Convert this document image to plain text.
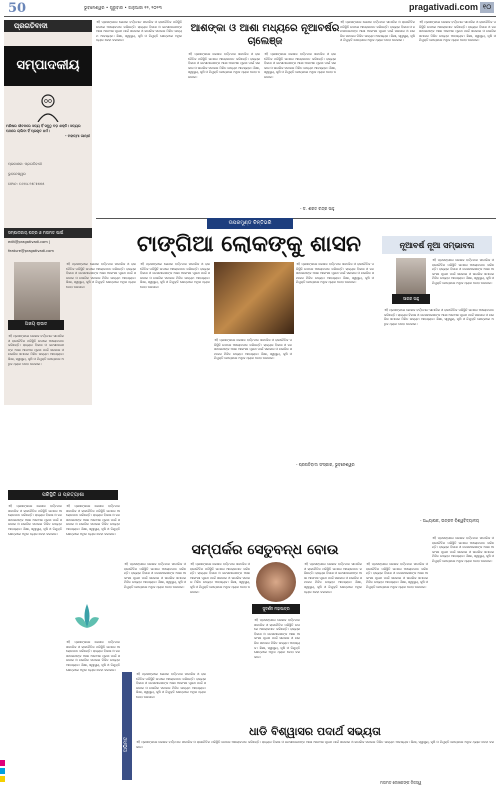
50	ଭୁବନେଶ୍ୱର • ଗୁରୁବାର • ଜାନୁଆରୀ ୧୨, ୨୦୨୩	pragativadi.com ୧୦
ପ୍ରଗତିବାଦୀ
ସମ୍ପାଦକୀୟ
ମଣିଷର ଜୀବନରେ ସତ୍ୟ ହିଁ ସବୁଠୁ ବଡ଼ ଶକ୍ତି। ସତ୍ୟର ପଥରେ ଚାଲିବା ହିଁ ପ୍ରକୃତ ଧର୍ମ।
- ମହାତ୍ମା ଗାନ୍ଧୀ
ପ୍ରକାଶକ: ପ୍ରଗତିବାଦୀ
ଭୁବନେଶ୍ୱର
ଫୋନ: ୦୬୭୪-୨୫୮୫୫୫୫
ସମ୍ପାଦକୀୟ ପତ୍ର ଓ ମତାମତ ପାଇଁ
edit@pragativadi.com | feature@pragativadi.com
ଏହି ପ୍ରସଙ୍ଗରେ ଲେଖକ ବର୍ତ୍ତମାନ ସାମାଜିକ ଓ ରାଜନୈତିକ ପରିସ୍ଥିତି ଉପରେ ଆଲୋକପାତ କରିଛନ୍ତି। ରାଜ୍ୟର ବିକାଶ ଓ ଜନସାଧାରଣଙ୍କ ଆଶା ଆକାଂକ୍ଷା ପୂରଣ ପାଇଁ ସରକାର ଓ ନାଗରିକ ସମାଜର ମିଳିତ ଉଦ୍ୟମ ଆବଶ୍ୟକ। ଶିକ୍ଷା, ସ୍ୱାସ୍ଥ୍ୟ, କୃଷି ଓ ନିଯୁକ୍ତି କ୍ଷେତ୍ରରେ ଅଧିକ ଧ୍ୟାନ ଦେବା ଦରକାର।
ଆଶଙ୍କା ଓ ଆଶା ମଧ୍ୟରେ ନୂଆବର୍ଷର ଚାଲେଞ୍ଜ
ଏହି ପ୍ରସଙ୍ଗରେ ଲେଖକ ବର୍ତ୍ତମାନ ସାମାଜିକ ଓ ରାଜନୈତିକ ପରିସ୍ଥିତି ଉପରେ ଆଲୋକପାତ କରିଛନ୍ତି। ରାଜ୍ୟର ବିକାଶ ଓ ଜନସାଧାରଣଙ୍କ ଆଶା ଆକାଂକ୍ଷା ପୂରଣ ପାଇଁ ସରକାର ଓ ନାଗରିକ ସମାଜର ମିଳିତ ଉଦ୍ୟମ ଆବଶ୍ୟକ। ଶିକ୍ଷା, ସ୍ୱାସ୍ଥ୍ୟ, କୃଷି ଓ ନିଯୁକ୍ତି କ୍ଷେତ୍ରରେ ଅଧିକ ଧ୍ୟାନ ଦେବା ଦରକାର।
ଏହି ପ୍ରସଙ୍ଗରେ ଲେଖକ ବର୍ତ୍ତମାନ ସାମାଜିକ ଓ ରାଜନୈତିକ ପରିସ୍ଥିତି ଉପରେ ଆଲୋକପାତ କରିଛନ୍ତି। ରାଜ୍ୟର ବିକାଶ ଓ ଜନସାଧାରଣଙ୍କ ଆଶା ଆକାଂକ୍ଷା ପୂରଣ ପାଇଁ ସରକାର ଓ ନାଗରିକ ସମାଜର ମିଳିତ ଉଦ୍ୟମ ଆବଶ୍ୟକ। ଶିକ୍ଷା, ସ୍ୱାସ୍ଥ୍ୟ, କୃଷି ଓ ନିଯୁକ୍ତି କ୍ଷେତ୍ରରେ ଅଧିକ ଧ୍ୟାନ ଦେବା ଦରକାର।
ଏହି ପ୍ରସଙ୍ଗରେ ଲେଖକ ବର୍ତ୍ତମାନ ସାମାଜିକ ଓ ରାଜନୈତିକ ପରିସ୍ଥିତି ଉପରେ ଆଲୋକପାତ କରିଛନ୍ତି। ରାଜ୍ୟର ବିକାଶ ଓ ଜନସାଧାରଣଙ୍କ ଆଶା ଆକାଂକ୍ଷା ପୂରଣ ପାଇଁ ସରକାର ଓ ନାଗରିକ ସମାଜର ମିଳିତ ଉଦ୍ୟମ ଆବଶ୍ୟକ। ଶିକ୍ଷା, ସ୍ୱାସ୍ଥ୍ୟ, କୃଷି ଓ ନିଯୁକ୍ତି କ୍ଷେତ୍ରରେ ଅଧିକ ଧ୍ୟାନ ଦେବା ଦରକାର।
ଏହି ପ୍ରସଙ୍ଗରେ ଲେଖକ ବର୍ତ୍ତମାନ ସାମାଜିକ ଓ ରାଜନୈତିକ ପରିସ୍ଥିତି ଉପରେ ଆଲୋକପାତ କରିଛନ୍ତି। ରାଜ୍ୟର ବିକାଶ ଓ ଜନସାଧାରଣଙ୍କ ଆଶା ଆକାଂକ୍ଷା ପୂରଣ ପାଇଁ ସରକାର ଓ ନାଗରିକ ସମାଜର ମିଳିତ ଉଦ୍ୟମ ଆବଶ୍ୟକ। ଶିକ୍ଷା, ସ୍ୱାସ୍ଥ୍ୟ, କୃଷି ଓ ନିଯୁକ୍ତି କ୍ଷେତ୍ରରେ ଅଧିକ ଧ୍ୟାନ ଦେବା ଦରକାର।
- ଡ. ଶରତ ଚନ୍ଦ୍ର ସାହୁ
ଉପରମୁଣ୍ଡ ଚିନ୍ତିଭରି
ଟାଙ୍ଗିଆ ଲୋକଙ୍କୁ ଶାସନ
ଅଜୟ ରାଉତ
ଏହି ପ୍ରସଙ୍ଗରେ ଲେଖକ ବର୍ତ୍ତମାନ ସାମାଜିକ ଓ ରାଜନୈତିକ ପରିସ୍ଥିତି ଉପରେ ଆଲୋକପାତ କରିଛନ୍ତି। ରାଜ୍ୟର ବିକାଶ ଓ ଜନସାଧାରଣଙ୍କ ଆଶା ଆକାଂକ୍ଷା ପୂରଣ ପାଇଁ ସରକାର ଓ ନାଗରିକ ସମାଜର ମିଳିତ ଉଦ୍ୟମ ଆବଶ୍ୟକ। ଶିକ୍ଷା, ସ୍ୱାସ୍ଥ୍ୟ, କୃଷି ଓ ନିଯୁକ୍ତି କ୍ଷେତ୍ରରେ ଅଧିକ ଧ୍ୟାନ ଦେବା ଦରକାର।
ଏହି ପ୍ରସଙ୍ଗରେ ଲେଖକ ବର୍ତ୍ତମାନ ସାମାଜିକ ଓ ରାଜନୈତିକ ପରିସ୍ଥିତି ଉପରେ ଆଲୋକପାତ କରିଛନ୍ତି। ରାଜ୍ୟର ବିକାଶ ଓ ଜନସାଧାରଣଙ୍କ ଆଶା ଆକାଂକ୍ଷା ପୂରଣ ପାଇଁ ସରକାର ଓ ନାଗରିକ ସମାଜର ମିଳିତ ଉଦ୍ୟମ ଆବଶ୍ୟକ। ଶିକ୍ଷା, ସ୍ୱାସ୍ଥ୍ୟ, କୃଷି ଓ ନିଯୁକ୍ତି କ୍ଷେତ୍ରରେ ଅଧିକ ଧ୍ୟାନ ଦେବା ଦରକାର।
ଏହି ପ୍ରସଙ୍ଗରେ ଲେଖକ ବର୍ତ୍ତମାନ ସାମାଜିକ ଓ ରାଜନୈତିକ ପରିସ୍ଥିତି ଉପରେ ଆଲୋକପାତ କରିଛନ୍ତି। ରାଜ୍ୟର ବିକାଶ ଓ ଜନସାଧାରଣଙ୍କ ଆଶା ଆକାଂକ୍ଷା ପୂରଣ ପାଇଁ ସରକାର ଓ ନାଗରିକ ସମାଜର ମିଳିତ ଉଦ୍ୟମ ଆବଶ୍ୟକ। ଶିକ୍ଷା, ସ୍ୱାସ୍ଥ୍ୟ, କୃଷି ଓ ନିଯୁକ୍ତି କ୍ଷେତ୍ରରେ ଅଧିକ ଧ୍ୟାନ ଦେବା ଦରକାର।
ଏହି ପ୍ରସଙ୍ଗରେ ଲେଖକ ବର୍ତ୍ତମାନ ସାମାଜିକ ଓ ରାଜନୈତିକ ପରିସ୍ଥିତି ଉପରେ ଆଲୋକପାତ କରିଛନ୍ତି। ରାଜ୍ୟର ବିକାଶ ଓ ଜନସାଧାରଣଙ୍କ ଆଶା ଆକାଂକ୍ଷା ପୂରଣ ପାଇଁ ସରକାର ଓ ନାଗରିକ ସମାଜର ମିଳିତ ଉଦ୍ୟମ ଆବଶ୍ୟକ। ଶିକ୍ଷା, ସ୍ୱାସ୍ଥ୍ୟ, କୃଷି ଓ ନିଯୁକ୍ତି କ୍ଷେତ୍ରରେ ଅଧିକ ଧ୍ୟାନ ଦେବା ଦରକାର।
ଏହି ପ୍ରସଙ୍ଗରେ ଲେଖକ ବର୍ତ୍ତମାନ ସାମାଜିକ ଓ ରାଜନୈତିକ ପରିସ୍ଥିତି ଉପରେ ଆଲୋକପାତ କରିଛନ୍ତି। ରାଜ୍ୟର ବିକାଶ ଓ ଜନସାଧାରଣଙ୍କ ଆଶା ଆକାଂକ୍ଷା ପୂରଣ ପାଇଁ ସରକାର ଓ ନାଗରିକ ସମାଜର ମିଳିତ ଉଦ୍ୟମ ଆବଶ୍ୟକ। ଶିକ୍ଷା, ସ୍ୱାସ୍ଥ୍ୟ, କୃଷି ଓ ନିଯୁକ୍ତି କ୍ଷେତ୍ରରେ ଅଧିକ ଧ୍ୟାନ ଦେବା ଦରକାର।
- ପ୍ରଗତିବାଦୀ ସଂସ୍କାର, ଭୁବନେଶ୍ୱର
ନୂଆବର୍ଷ ନୂଆ ସମ୍ଭାବନା
ସାଗର ସାହୁ
ଏହି ପ୍ରସଙ୍ଗରେ ଲେଖକ ବର୍ତ୍ତମାନ ସାମାଜିକ ଓ ରାଜନୈତିକ ପରିସ୍ଥିତି ଉପରେ ଆଲୋକପାତ କରିଛନ୍ତି। ରାଜ୍ୟର ବିକାଶ ଓ ଜନସାଧାରଣଙ୍କ ଆଶା ଆକାଂକ୍ଷା ପୂରଣ ପାଇଁ ସରକାର ଓ ନାଗରିକ ସମାଜର ମିଳିତ ଉଦ୍ୟମ ଆବଶ୍ୟକ। ଶିକ୍ଷା, ସ୍ୱାସ୍ଥ୍ୟ, କୃଷି ଓ ନିଯୁକ୍ତି କ୍ଷେତ୍ରରେ ଅଧିକ ଧ୍ୟାନ ଦେବା ଦରକାର।
ଏହି ପ୍ରସଙ୍ଗରେ ଲେଖକ ବର୍ତ୍ତମାନ ସାମାଜିକ ଓ ରାଜନୈତିକ ପରିସ୍ଥିତି ଉପରେ ଆଲୋକପାତ କରିଛନ୍ତି। ରାଜ୍ୟର ବିକାଶ ଓ ଜନସାଧାରଣଙ୍କ ଆଶା ଆକାଂକ୍ଷା ପୂରଣ ପାଇଁ ସରକାର ଓ ନାଗରିକ ସମାଜର ମିଳିତ ଉଦ୍ୟମ ଆବଶ୍ୟକ। ଶିକ୍ଷା, ସ୍ୱାସ୍ଥ୍ୟ, କୃଷି ଓ ନିଯୁକ୍ତି କ୍ଷେତ୍ରରେ ଅଧିକ ଧ୍ୟାନ ଦେବା ଦରକାର।
- ଅଧ୍ୟାପକ, ଉତ୍କଳ ବିଶ୍ୱବିଦ୍ୟାଳୟ
ପରିସ୍ଥିତି ଓ ପ୍ରତ୍ୟାଶା
ଏହି ପ୍ରସଙ୍ଗରେ ଲେଖକ ବର୍ତ୍ତମାନ ସାମାଜିକ ଓ ରାଜନୈତିକ ପରିସ୍ଥିତି ଉପରେ ଆଲୋକପାତ କରିଛନ୍ତି। ରାଜ୍ୟର ବିକାଶ ଓ ଜନସାଧାରଣଙ୍କ ଆଶା ଆକାଂକ୍ଷା ପୂରଣ ପାଇଁ ସରକାର ଓ ନାଗରିକ ସମାଜର ମିଳିତ ଉଦ୍ୟମ ଆବଶ୍ୟକ। ଶିକ୍ଷା, ସ୍ୱାସ୍ଥ୍ୟ, କୃଷି ଓ ନିଯୁକ୍ତି କ୍ଷେତ୍ରରେ ଅଧିକ ଧ୍ୟାନ ଦେବା ଦରକାର।
ଏହି ପ୍ରସଙ୍ଗରେ ଲେଖକ ବର୍ତ୍ତମାନ ସାମାଜିକ ଓ ରାଜନୈତିକ ପରିସ୍ଥିତି ଉପରେ ଆଲୋକପାତ କରିଛନ୍ତି। ରାଜ୍ୟର ବିକାଶ ଓ ଜନସାଧାରଣଙ୍କ ଆଶା ଆକାଂକ୍ଷା ପୂରଣ ପାଇଁ ସରକାର ଓ ନାଗରିକ ସମାଜର ମିଳିତ ଉଦ୍ୟମ ଆବଶ୍ୟକ। ଶିକ୍ଷା, ସ୍ୱାସ୍ଥ୍ୟ, କୃଷି ଓ ନିଯୁକ୍ତି କ୍ଷେତ୍ରରେ ଅଧିକ ଧ୍ୟାନ ଦେବା ଦରକାର।
ଏହି ପ୍ରସଙ୍ଗରେ ଲେଖକ ବର୍ତ୍ତମାନ ସାମାଜିକ ଓ ରାଜନୈତିକ ପରିସ୍ଥିତି ଉପରେ ଆଲୋକପାତ କରିଛନ୍ତି। ରାଜ୍ୟର ବିକାଶ ଓ ଜନସାଧାରଣଙ୍କ ଆଶା ଆକାଂକ୍ଷା ପୂରଣ ପାଇଁ ସରକାର ଓ ନାଗରିକ ସମାଜର ମିଳିତ ଉଦ୍ୟମ ଆବଶ୍ୟକ। ଶିକ୍ଷା, ସ୍ୱାସ୍ଥ୍ୟ, କୃଷି ଓ ନିଯୁକ୍ତି କ୍ଷେତ୍ରରେ ଅଧିକ ଧ୍ୟାନ ଦେବା ଦରକାର।
ସମ୍ପର୍କର ସେତୁବନ୍ଧ ବୋଉ
ଏହି ପ୍ରସଙ୍ଗରେ ଲେଖକ ବର୍ତ୍ତମାନ ସାମାଜିକ ଓ ରାଜନୈତିକ ପରିସ୍ଥିତି ଉପରେ ଆଲୋକପାତ କରିଛନ୍ତି। ରାଜ୍ୟର ବିକାଶ ଓ ଜନସାଧାରଣଙ୍କ ଆଶା ଆକାଂକ୍ଷା ପୂରଣ ପାଇଁ ସରକାର ଓ ନାଗରିକ ସମାଜର ମିଳିତ ଉଦ୍ୟମ ଆବଶ୍ୟକ। ଶିକ୍ଷା, ସ୍ୱାସ୍ଥ୍ୟ, କୃଷି ଓ ନିଯୁକ୍ତି କ୍ଷେତ୍ରରେ ଅଧିକ ଧ୍ୟାନ ଦେବା ଦରକାର।
ଏହି ପ୍ରସଙ୍ଗରେ ଲେଖକ ବର୍ତ୍ତମାନ ସାମାଜିକ ଓ ରାଜନୈତିକ ପରିସ୍ଥିତି ଉପରେ ଆଲୋକପାତ କରିଛନ୍ତି। ରାଜ୍ୟର ବିକାଶ ଓ ଜନସାଧାରଣଙ୍କ ଆଶା ଆକାଂକ୍ଷା ପୂରଣ ପାଇଁ ସରକାର ଓ ନାଗରିକ ସମାଜର ମିଳିତ ଉଦ୍ୟମ ଆବଶ୍ୟକ। ଶିକ୍ଷା, ସ୍ୱାସ୍ଥ୍ୟ, କୃଷି ଓ ନିଯୁକ୍ତି କ୍ଷେତ୍ରରେ ଅଧିକ ଧ୍ୟାନ ଦେବା ଦରକାର।
ସୁଦର୍ଶନ ମହାପାତ୍ର
ଏହି ପ୍ରସଙ୍ଗରେ ଲେଖକ ବର୍ତ୍ତମାନ ସାମାଜିକ ଓ ରାଜନୈତିକ ପରିସ୍ଥିତି ଉପରେ ଆଲୋକପାତ କରିଛନ୍ତି। ରାଜ୍ୟର ବିକାଶ ଓ ଜନସାଧାରଣଙ୍କ ଆଶା ଆକାଂକ୍ଷା ପୂରଣ ପାଇଁ ସରକାର ଓ ନାଗରିକ ସମାଜର ମିଳିତ ଉଦ୍ୟମ ଆବଶ୍ୟକ। ଶିକ୍ଷା, ସ୍ୱାସ୍ଥ୍ୟ, କୃଷି ଓ ନିଯୁକ୍ତି କ୍ଷେତ୍ରରେ ଅଧିକ ଧ୍ୟାନ ଦେବା ଦରକାର।
ଏହି ପ୍ରସଙ୍ଗରେ ଲେଖକ ବର୍ତ୍ତମାନ ସାମାଜିକ ଓ ରାଜନୈତିକ ପରିସ୍ଥିତି ଉପରେ ଆଲୋକପାତ କରିଛନ୍ତି। ରାଜ୍ୟର ବିକାଶ ଓ ଜନସାଧାରଣଙ୍କ ଆଶା ଆକାଂକ୍ଷା ପୂରଣ ପାଇଁ ସରକାର ଓ ନାଗରିକ ସମାଜର ମିଳିତ ଉଦ୍ୟମ ଆବଶ୍ୟକ। ଶିକ୍ଷା, ସ୍ୱାସ୍ଥ୍ୟ, କୃଷି ଓ ନିଯୁକ୍ତି କ୍ଷେତ୍ରରେ ଅଧିକ ଧ୍ୟାନ ଦେବା ଦରକାର।
ଏହି ପ୍ରସଙ୍ଗରେ ଲେଖକ ବର୍ତ୍ତମାନ ସାମାଜିକ ଓ ରାଜନୈତିକ ପରିସ୍ଥିତି ଉପରେ ଆଲୋକପାତ କରିଛନ୍ତି। ରାଜ୍ୟର ବିକାଶ ଓ ଜନସାଧାରଣଙ୍କ ଆଶା ଆକାଂକ୍ଷା ପୂରଣ ପାଇଁ ସରକାର ଓ ନାଗରିକ ସମାଜର ମିଳିତ ଉଦ୍ୟମ ଆବଶ୍ୟକ। ଶିକ୍ଷା, ସ୍ୱାସ୍ଥ୍ୟ, କୃଷି ଓ ନିଯୁକ୍ତି କ୍ଷେତ୍ରରେ ଅଧିକ ଧ୍ୟାନ ଦେବା ଦରକାର।
ଏହି ପ୍ରସଙ୍ଗରେ ଲେଖକ ବର୍ତ୍ତମାନ ସାମାଜିକ ଓ ରାଜନୈତିକ ପରିସ୍ଥିତି ଉପରେ ଆଲୋକପାତ କରିଛନ୍ତି। ରାଜ୍ୟର ବିକାଶ ଓ ଜନସାଧାରଣଙ୍କ ଆଶା ଆକାଂକ୍ଷା ପୂରଣ ପାଇଁ ସରକାର ଓ ନାଗରିକ ସମାଜର ମିଳିତ ଉଦ୍ୟମ ଆବଶ୍ୟକ। ଶିକ୍ଷା, ସ୍ୱାସ୍ଥ୍ୟ, କୃଷି ଓ ନିଯୁକ୍ତି କ୍ଷେତ୍ରରେ ଅଧିକ ଧ୍ୟାନ ଦେବା ଦରକାର।
ଅଭିମତ
ଏହି ପ୍ରସଙ୍ଗରେ ଲେଖକ ବର୍ତ୍ତମାନ ସାମାଜିକ ଓ ରାଜନୈତିକ ପରିସ୍ଥିତି ଉପରେ ଆଲୋକପାତ କରିଛନ୍ତି। ରାଜ୍ୟର ବିକାଶ ଓ ଜନସାଧାରଣଙ୍କ ଆଶା ଆକାଂକ୍ଷା ପୂରଣ ପାଇଁ ସରକାର ଓ ନାଗରିକ ସମାଜର ମିଳିତ ଉଦ୍ୟମ ଆବଶ୍ୟକ। ଶିକ୍ଷା, ସ୍ୱାସ୍ଥ୍ୟ, କୃଷି ଓ ନିଯୁକ୍ତି କ୍ଷେତ୍ରରେ ଅଧିକ ଧ୍ୟାନ ଦେବା ଦରକାର।
ଧାଡି ବିଶ୍ୱାସର ପଦାର୍ଥ ସଭ୍ୟତା
ଏହି ପ୍ରସଙ୍ଗରେ ଲେଖକ ବର୍ତ୍ତମାନ ସାମାଜିକ ଓ ରାଜନୈତିକ ପରିସ୍ଥିତି ଉପରେ ଆଲୋକପାତ କରିଛନ୍ତି। ରାଜ୍ୟର ବିକାଶ ଓ ଜନସାଧାରଣଙ୍କ ଆଶା ଆକାଂକ୍ଷା ପୂରଣ ପାଇଁ ସରକାର ଓ ନାଗରିକ ସମାଜର ମିଳିତ ଉଦ୍ୟମ ଆବଶ୍ୟକ। ଶିକ୍ଷା, ସ୍ୱାସ୍ଥ୍ୟ, କୃଷି ଓ ନିଯୁକ୍ତି କ୍ଷେତ୍ରରେ ଅଧିକ ଧ୍ୟାନ ଦେବା ଦରକାର।
ମତାମତ ଲେଖକଙ୍କ ନିଜସ୍ୱ
